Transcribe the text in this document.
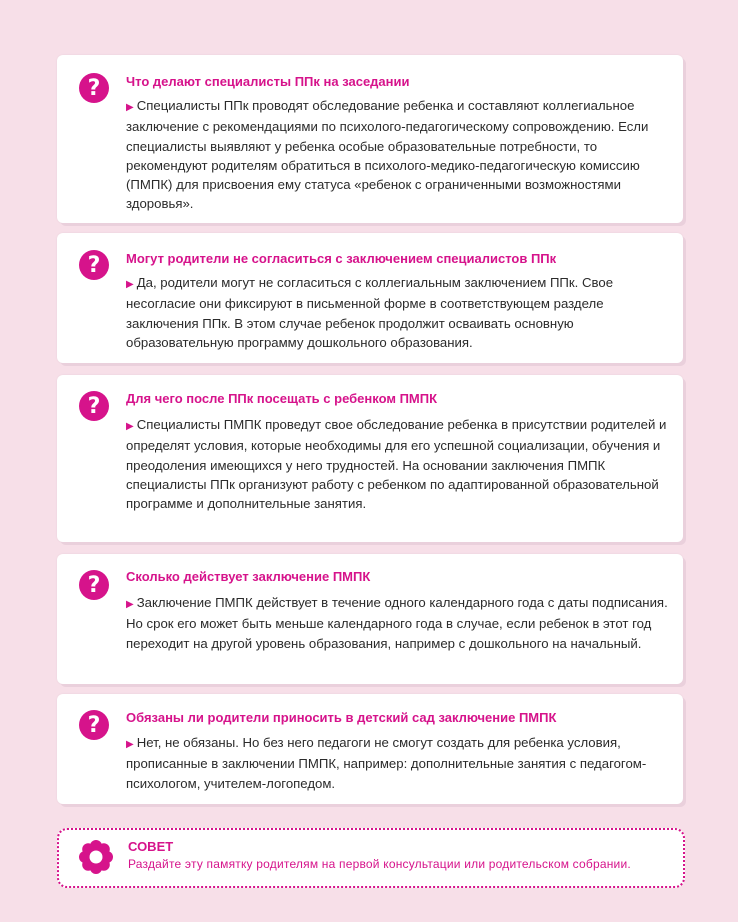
?	Что делают специалисты ППк на заседании
▶ Специалисты ППк проводят обследование ребенка и составляют коллегиальное заключение с рекомендациями по психолого-педагогическому сопровождению. Если специалисты выявляют у ребенка особые образовательные потребности, то рекомендуют родителям обратиться в психолого-медико-педагогическую комиссию (ПМПК) для присвоения ему статуса «ребенок с ограниченными возможностями здоровья».
?	Могут родители не согласиться с заключением специалистов ППк
▶ Да, родители могут не согласиться с коллегиальным заключением ППк. Свое несогласие они фиксируют в письменной форме в соответствующем разделе заключения ППк. В этом случае ребенок продолжит осваивать основную образовательную программу дошкольного образования.
?	Для чего после ППк посещать с ребенком ПМПК
▶ Специалисты ПМПК проведут свое обследование ребенка в присутствии родителей и определят условия, которые необходимы для его успешной социализации, обучения и преодоления имеющихся у него трудностей. На основании заключения ПМПК специалисты ППк организуют работу с ребенком по адаптированной образовательной программе и дополнительные занятия.
?	Сколько действует заключение ПМПК
▶ Заключение ПМПК действует в течение одного календарного года с даты подписания. Но срок его может быть меньше календарного года в случае, если ребенок в этот год переходит на другой уровень образования, например с дошкольного на начальный.
?	Обязаны ли родители приносить в детский сад заключение ПМПК
▶ Нет, не обязаны. Но без него педагоги не смогут создать для ребенка условия, прописанные в заключении ПМПК, например: дополнительные занятия с педагогом-психологом, учителем-логопедом.
СОВЕТ
Раздайте эту памятку родителям на первой консультации или родительском собрании.
